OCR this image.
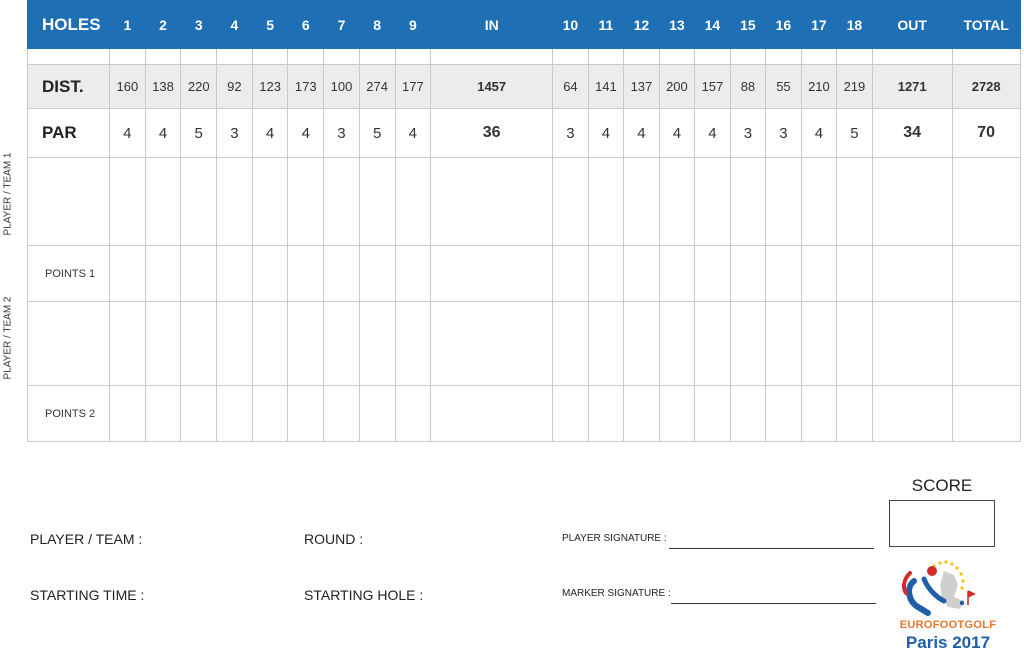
HOLES	1	2	3	4	5	6	7	8	9	IN	10	11	12	13	14	15	16	17	18	OUT	TOTAL

DIST.	160	138	220	92	123	173	100	274	177	1457	64	141	137	200	157	88	55	210	219	1271	2728
PAR	4	4	5	3	4	4	3	5	4	36	3	4	4	4	4	3	3	4	5	34	70

POINTS 1																					

POINTS 2																					
PLAYER / TEAM 1
PLAYER / TEAM 2
PLAYER / TEAM :	ROUND :	PLAYER SIGNATURE :
STARTING TIME :	STARTING HOLE :	MARKER SIGNATURE :
SCORE
EUROFOOTGOLF
Paris 2017
